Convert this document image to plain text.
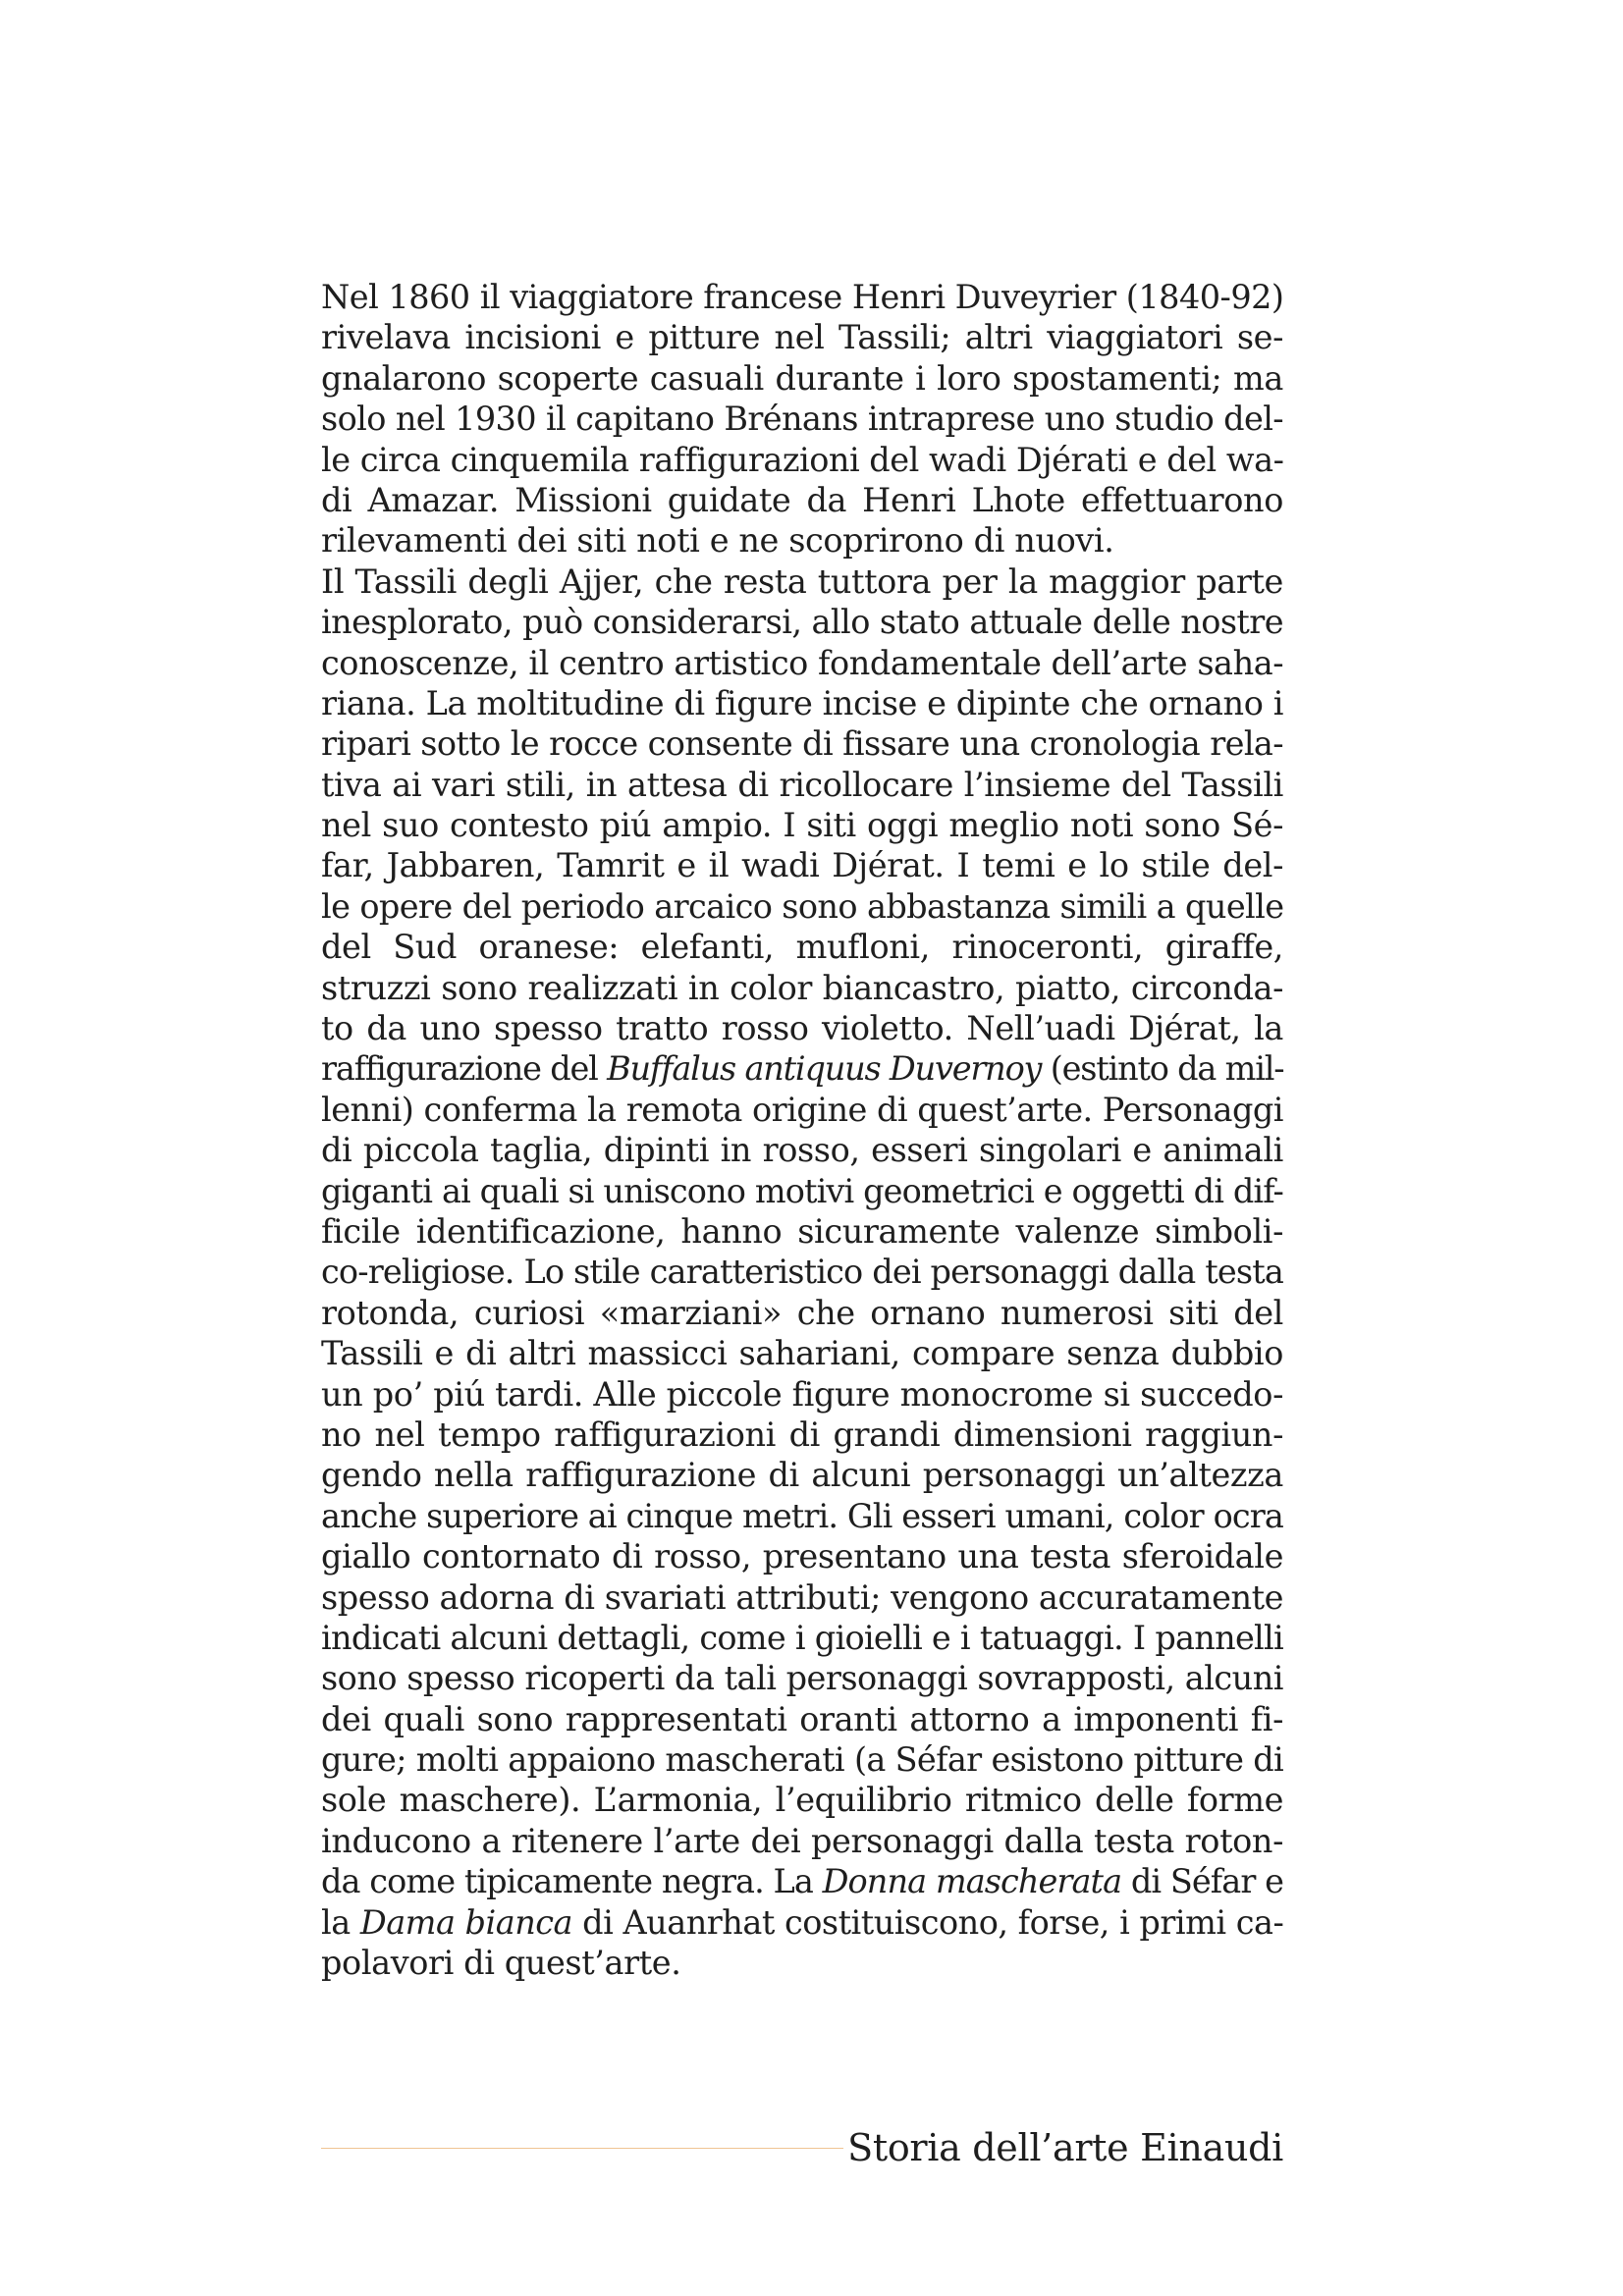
Nel 1860 il viaggiatore francese Henri Duveyrier (1840-92)
rivelava incisioni e pitture nel Tassili; altri viaggiatori se-
gnalarono scoperte casuali durante i loro spostamenti; ma
solo nel 1930 il capitano Brénans intraprese uno studio del-
le circa cinquemila raffigurazioni del wadi Djérati e del wa-
di Amazar. Missioni guidate da Henri Lhote effettuarono
rilevamenti dei siti noti e ne scoprirono di nuovi.
Il Tassili degli Ajjer, che resta tuttora per la maggior parte
inesplorato, può considerarsi, allo stato attuale delle nostre
conoscenze, il centro artistico fondamentale dell’arte saha-
riana. La moltitudine di figure incise e dipinte che ornano i
ripari sotto le rocce consente di fissare una cronologia rela-
tiva ai vari stili, in attesa di ricollocare l’insieme del Tassili
nel suo contesto piú ampio. I siti oggi meglio noti sono Sé-
far, Jabbaren, Tamrit e il wadi Djérat. I temi e lo stile del-
le opere del periodo arcaico sono abbastanza simili a quelle
del Sud oranese: elefanti, mufloni, rinoceronti, giraffe,
struzzi sono realizzati in color biancastro, piatto, circonda-
to da uno spesso tratto rosso violetto. Nell’uadi Djérat, la
raffigurazione del Buffalus antiquus Duvernoy (estinto da mil-
lenni) conferma la remota origine di quest’arte. Personaggi
di piccola taglia, dipinti in rosso, esseri singolari e animali
giganti ai quali si uniscono motivi geometrici e oggetti di dif-
ficile identificazione, hanno sicuramente valenze simboli-
co-religiose. Lo stile caratteristico dei personaggi dalla testa
rotonda, curiosi «marziani» che ornano numerosi siti del
Tassili e di altri massicci sahariani, compare senza dubbio
un po’ piú tardi. Alle piccole figure monocrome si succedo-
no nel tempo raffigurazioni di grandi dimensioni raggiun-
gendo nella raffigurazione di alcuni personaggi un’altezza
anche superiore ai cinque metri. Gli esseri umani, color ocra
giallo contornato di rosso, presentano una testa sferoidale
spesso adorna di svariati attributi; vengono accuratamente
indicati alcuni dettagli, come i gioielli e i tatuaggi. I pannelli
sono spesso ricoperti da tali personaggi sovrapposti, alcuni
dei quali sono rappresentati oranti attorno a imponenti fi-
gure; molti appaiono mascherati (a Séfar esistono pitture di
sole maschere). L’armonia, l’equilibrio ritmico delle forme
inducono a ritenere l’arte dei personaggi dalla testa roton-
da come tipicamente negra. La Donna mascherata di Séfar e
la Dama bianca di Auanrhat costituiscono, forse, i primi ca-
polavori di quest’arte.
Storia dell’arte Einaudi
